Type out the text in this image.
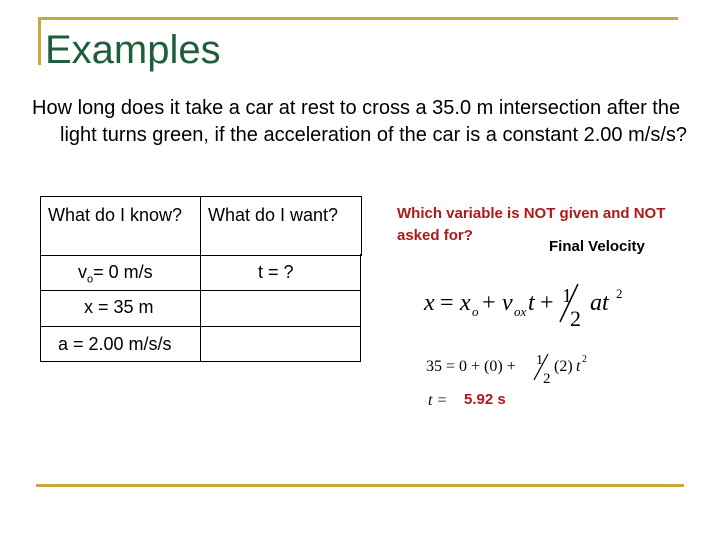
Examples
How long does it take a car at rest to cross a 35.0 m intersection after the light turns green, if the acceleration of the car is a constant 2.00 m/s/s?
What do I know?	What do I want?
$v_o= 0$ m/s	t = ?
x = 35 m
a = 2.00 m/s/s
Which variable is NOT given and NOT asked for?
Final Velocity
x = x o + v ox t + 1
2
at 2
35 = 0 + (0) + 1
2
(2) t 2
t = 5.92 s
